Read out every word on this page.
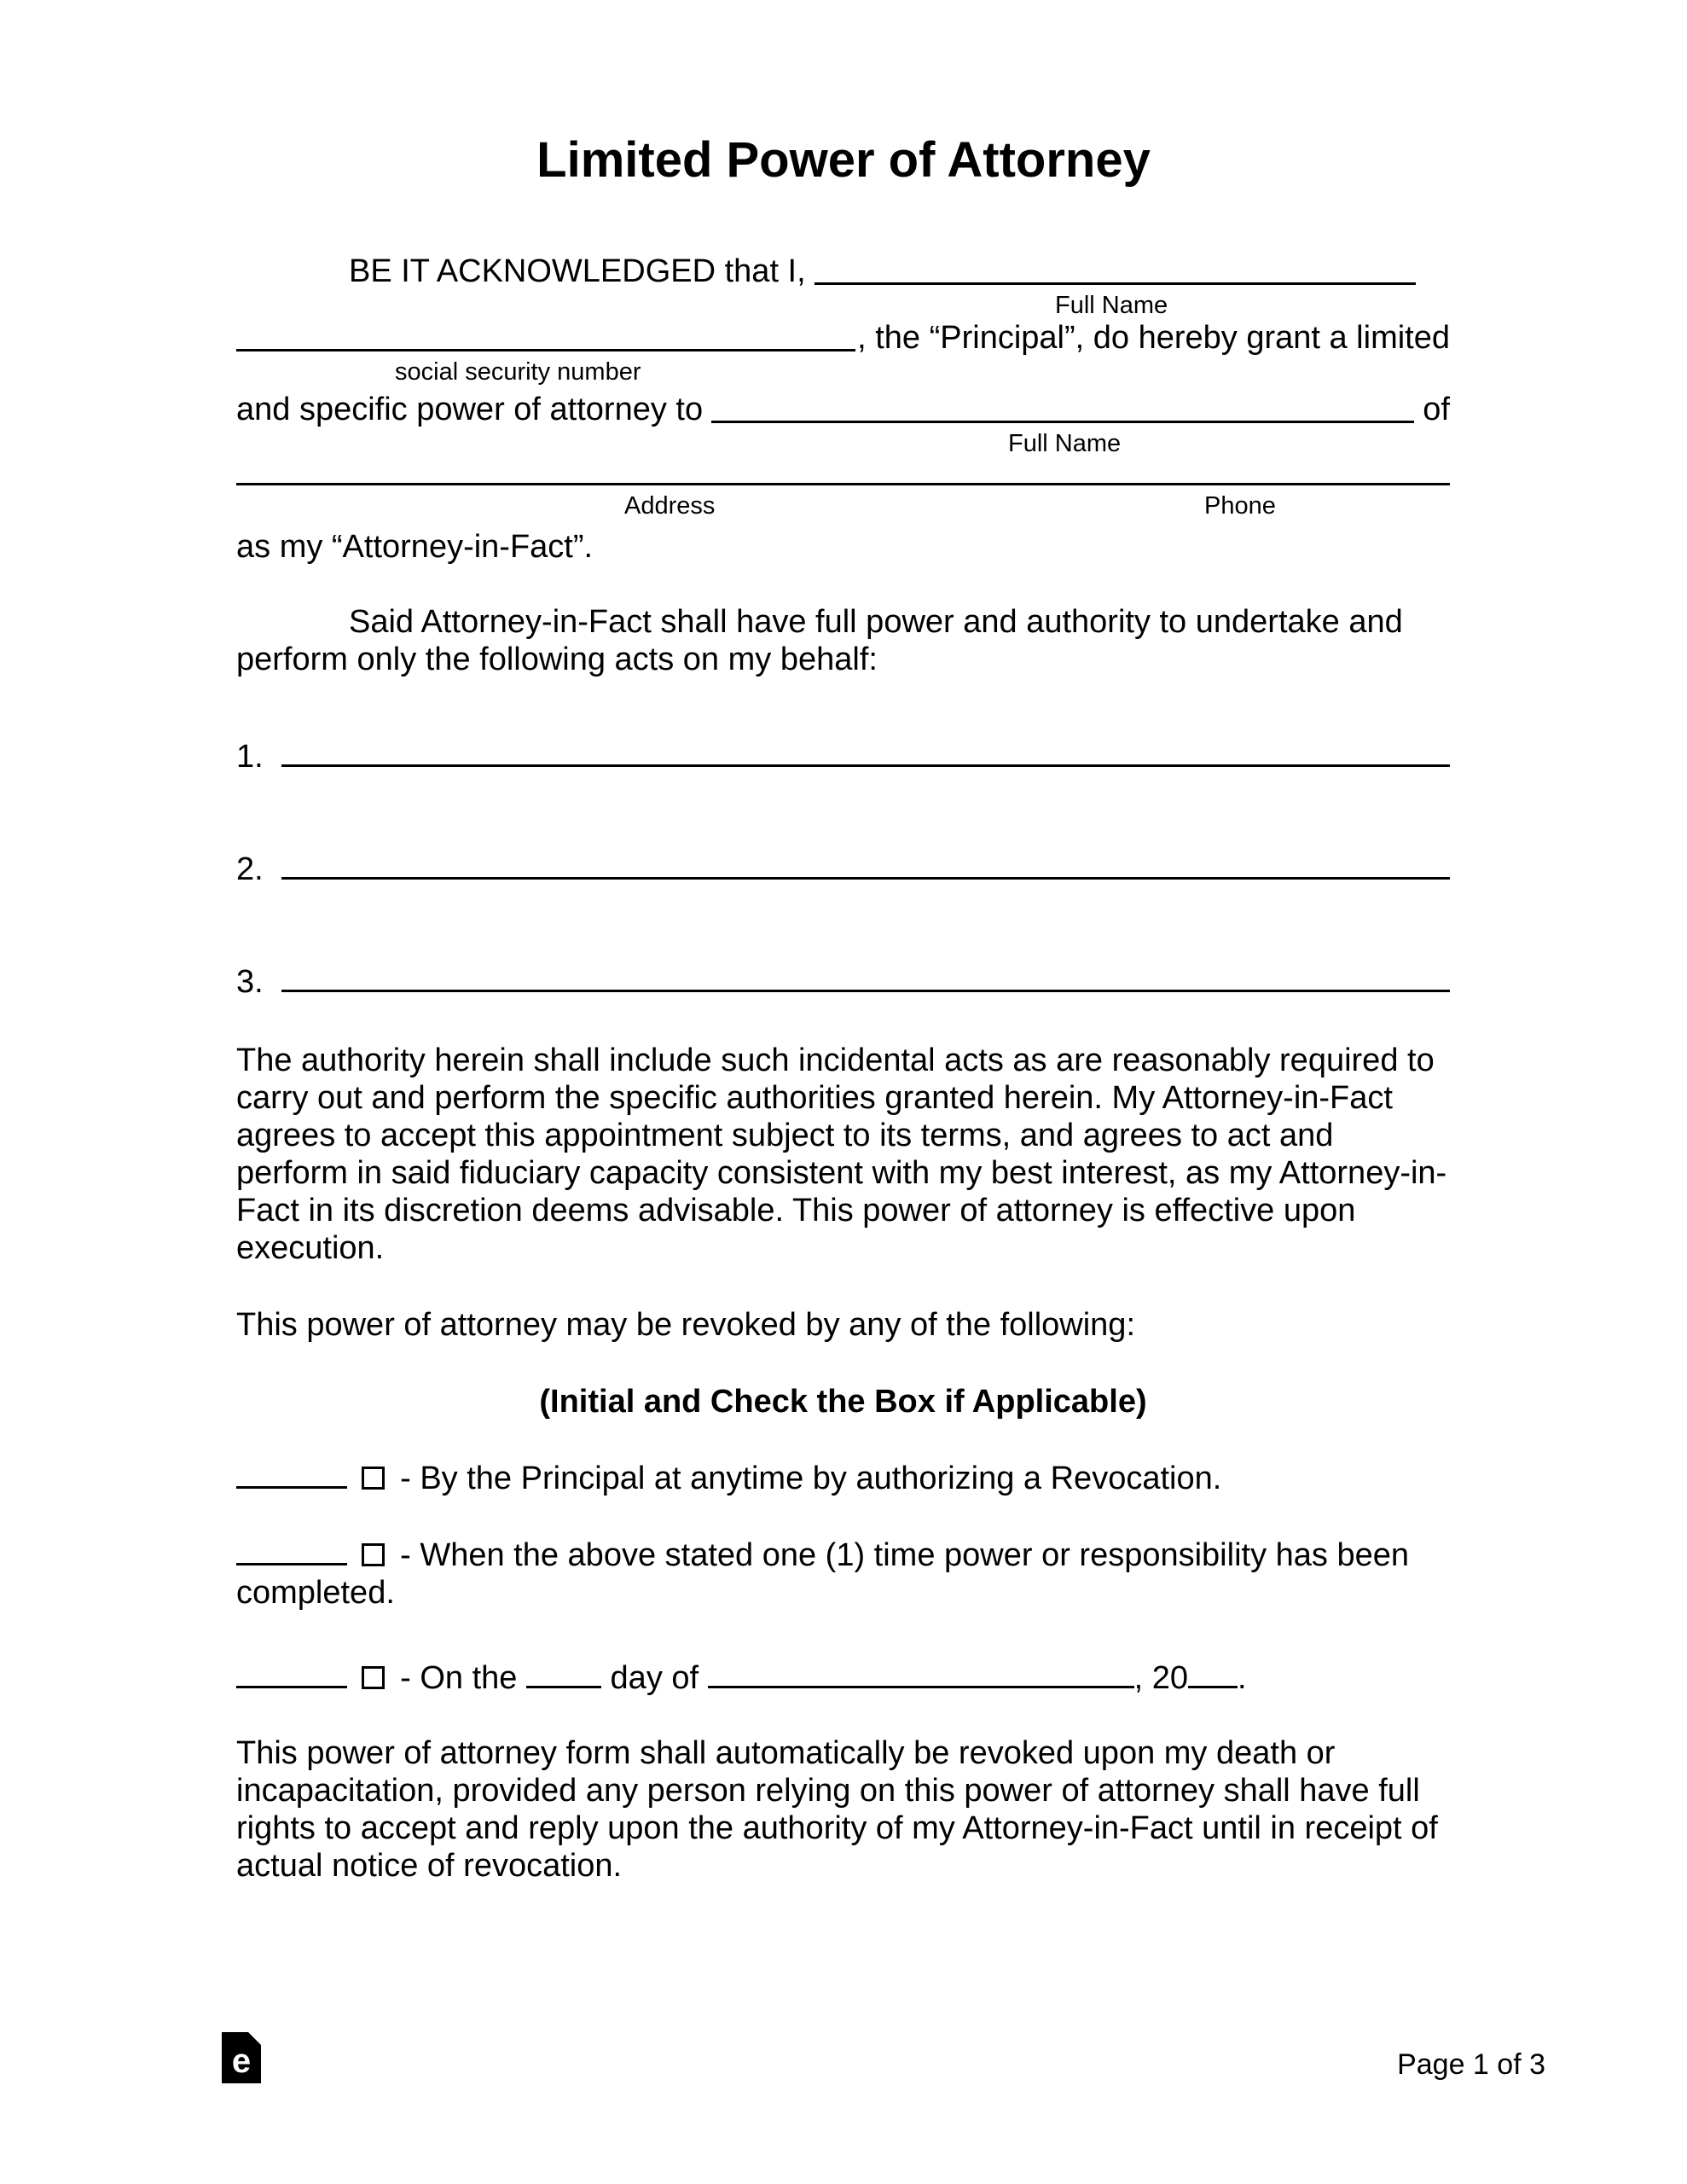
Limited Power of Attorney
BE IT ACKNOWLEDGED that I,
Full Name
, the “Principal”, do hereby grant a limited
social security number
and specific power of attorney to	of
Full Name
Address	Phone

as my “Attorney-in-Fact”.

Said Attorney-in-Fact shall have full power and authority to undertake and perform only the following acts on my behalf:

1.
2.
3.

The authority herein shall include such incidental acts as are reasonably required to carry out and perform the specific authorities granted herein. My Attorney-in-Fact agrees to accept this appointment subject to its terms, and agrees to act and perform in said fiduciary capacity consistent with my best interest, as my Attorney-in-Fact in its discretion deems advisable. This power of attorney is effective upon execution.

This power of attorney may be revoked by any of the following:

(Initial and Check the Box if Applicable)

- By the Principal at anytime by authorizing a Revocation.

- When the above stated one (1) time power or responsibility has been completed.

- On the	day of	, 20 .

This power of attorney form shall automatically be revoked upon my death or incapacitation, provided any person relying on this power of attorney shall have full rights to accept and reply upon the authority of my Attorney-in-Fact until in receipt of actual notice of revocation.

e	Page 1 of 3
